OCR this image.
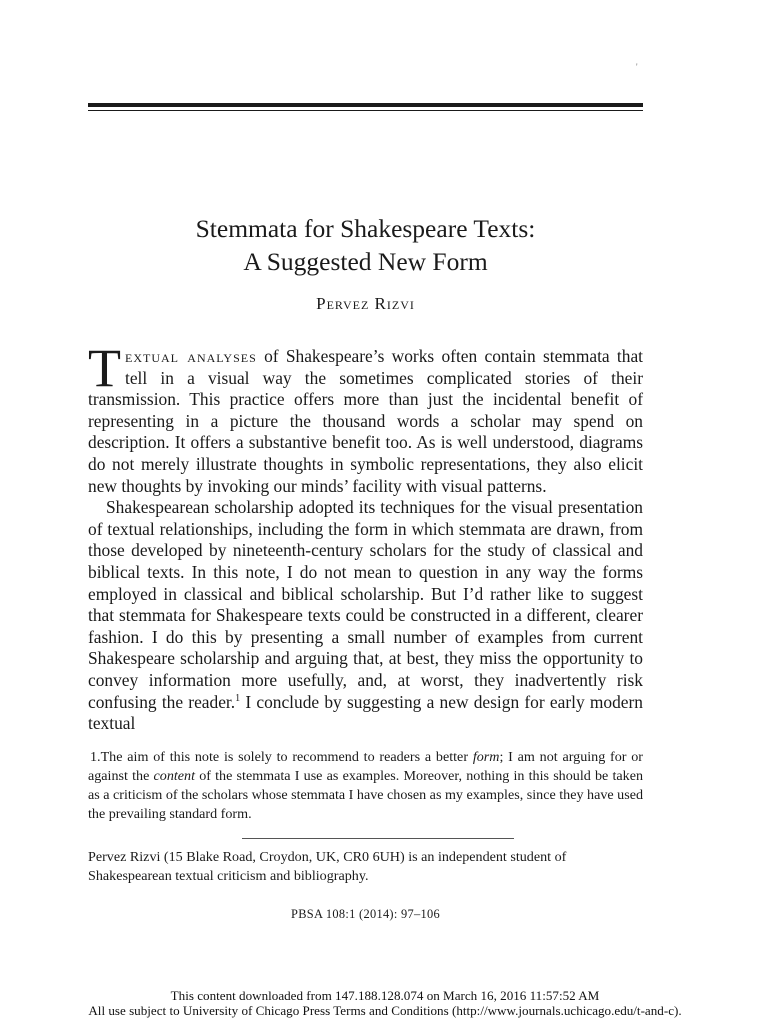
'
Stemmata for Shakespeare Texts:
A Suggested New Form
Pervez Rizvi

Textual analyses of Shakespeare’s works often contain stemmata that tell in a visual way the sometimes complicated stories of their transmission. This practice offers more than just the incidental benefit of representing in a picture the thousand words a scholar may spend on description. It offers a substantive benefit too. As is well understood, diagrams do not merely illustrate thoughts in symbolic representations, they also elicit new thoughts by invoking our minds’ facility with visual patterns.

Shakespearean scholarship adopted its techniques for the visual presentation of textual relationships, including the form in which stemmata are drawn, from those developed by nineteenth-century scholars for the study of classical and biblical texts. In this note, I do not mean to question in any way the forms employed in classical and biblical scholarship. But I’d rather like to suggest that stemmata for Shakespeare texts could be constructed in a different, clearer fashion. I do this by presenting a small number of examples from current Shakespeare scholarship and arguing that, at best, they miss the opportunity to convey information more usefully, and, at worst, they inadvertently risk confusing the reader.$^1$ I conclude by suggesting a new design for early modern textual

1.The aim of this note is solely to recommend to readers a better form; I am not arguing for or against the content of the stemmata I use as examples. Moreover, nothing in this should be taken as a criticism of the scholars whose stemmata I have chosen as my examples, since they have used the prevailing standard form.
Pervez Rizvi (15 Blake Road, Croydon, UK, CR0 6UH) is an independent student of Shakespearean textual criticism and bibliography.
PBSA 108:1 (2014): 97–106
This content downloaded from 147.188.128.074 on March 16, 2016 11:57:52 AM
All use subject to University of Chicago Press Terms and Conditions (http://www.journals.uchicago.edu/t-and-c).
